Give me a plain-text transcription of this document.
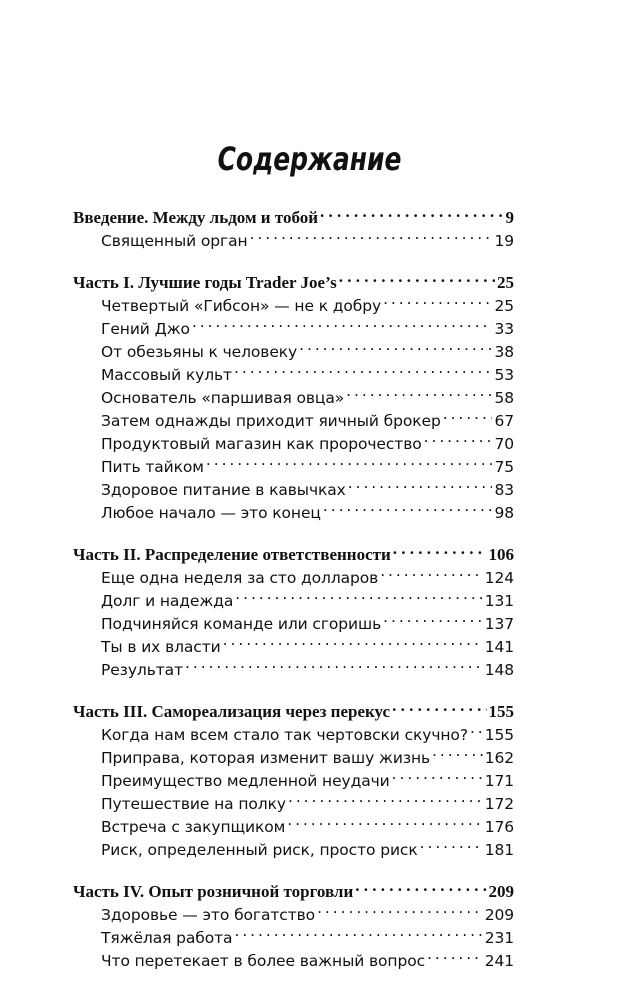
Содержание
Введение. Между льдом и тобой . . .	9
Священный орган . . .	19
Часть I. Лучшие годы Trader Joe’s . . .	25
Четвертый «Гибсон» — не к добру . . .	25
Гений Джо . . .	33
От обезьяны к человеку . . .	38
Массовый культ . . .	53
Основатель «паршивая овца» . . .	58
Затем однажды приходит яичный брокер . . .	67
Продуктовый магазин как пророчество . . .	70
Пить тайком . . .	75
Здоровое питание в кавычках . . .	83
Любое начало — это конец . . .	98
Часть II. Распределение ответственности . . .	106
Еще одна неделя за сто долларов . . .	124
Долг и надежда . . .	131
Подчиняйся команде или сгоришь . . .	137
Ты в их власти . . .	141
Результат . . .	148
Часть III. Самореализация через перекус . . .	155
Когда нам всем стало так чертовски скучно? . . . 155
Приправа, которая изменит вашу жизнь . . .	162
Преимущество медленной неудачи . . .	171
Путешествие на полку . . .	172
Встреча с закупщиком . . .	176
Риск, определенный риск, просто риск . . .	181
Часть IV. Опыт розничной торговли . . .	209
Здоровье — это богатство . . .	209
Тяжёлая работа . . .	231
Что перетекает в более важный вопрос . . .	241
